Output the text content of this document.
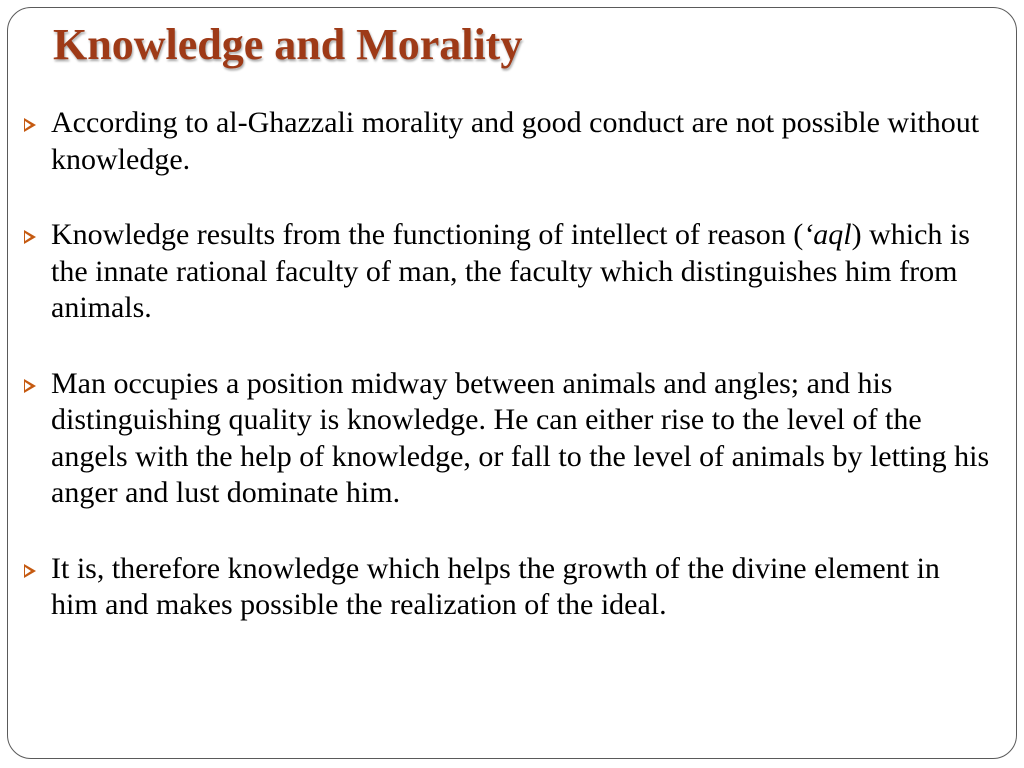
Knowledge and Morality
According to al-Ghazzali morality and good conduct are not possible without knowledge.
Knowledge results from the functioning of intellect of reason (‘aql) which is the innate rational faculty of man, the faculty which distinguishes him from animals.
Man occupies a position midway between animals and angles; and his distinguishing quality is knowledge. He can either rise to the level of the angels with the help of knowledge, or fall to the level of animals by letting his anger and lust dominate him.
It is, therefore knowledge which helps the growth of the divine element in him and makes possible the realization of the ideal.
